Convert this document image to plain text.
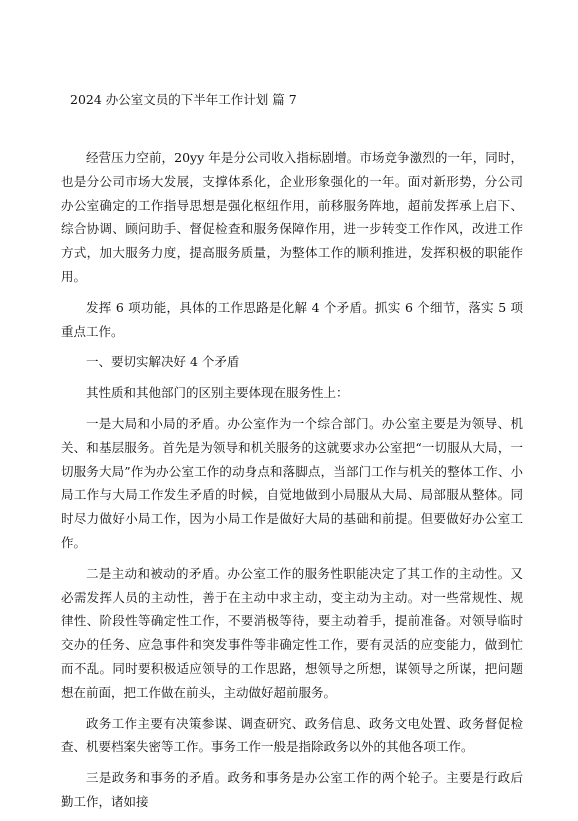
2024 办公室文员的下半年工作计划 篇 7

经营压力空前，20yy 年是分公司收入指标剧增。市场竞争激烈的一年，同时，也是分公司市场大发展，支撑体系化，企业形象强化的一年。面对新形势，分公司办公室确定的工作指导思想是强化枢纽作用，前移服务阵地，超前发挥承上启下、综合协调、顾问助手、督促检查和服务保障作用，进一步转变工作作风，改进工作方式，加大服务力度，提高服务质量，为整体工作的顺利推进，发挥积极的职能作用。

发挥 6 项功能，具体的工作思路是化解 4 个矛盾。抓实 6 个细节，落实 5 项重点工作。

一、要切实解决好 4 个矛盾

其性质和其他部门的区别主要体现在服务性上：

一是大局和小局的矛盾。办公室作为一个综合部门。办公室主要是为领导、机关、和基层服务。首先是为领导和机关服务的这就要求办公室把“一切服从大局，一切服务大局”作为办公室工作的动身点和落脚点，当部门工作与机关的整体工作、小局工作与大局工作发生矛盾的时候，自觉地做到小局服从大局、局部服从整体。同时尽力做好小局工作，因为小局工作是做好大局的基础和前提。但要做好办公室工作。

二是主动和被动的矛盾。办公室工作的服务性职能决定了其工作的主动性。又必需发挥人员的主动性，善于在主动中求主动，变主动为主动。对一些常规性、规律性、阶段性等确定性工作，不要消极等待，要主动着手，提前准备。对领导临时交办的任务、应急事件和突发事件等非确定性工作，要有灵活的应变能力，做到忙而不乱。同时要积极适应领导的工作思路，想领导之所想，谋领导之所谋，把问题想在前面，把工作做在前头，主动做好超前服务。

政务工作主要有决策参谋、调查研究、政务信息、政务文电处置、政务督促检查、机要档案失密等工作。事务工作一般是指除政务以外的其他各项工作。

三是政务和事务的矛盾。政务和事务是办公室工作的两个轮子。主要是行政后勤工作，诸如接
